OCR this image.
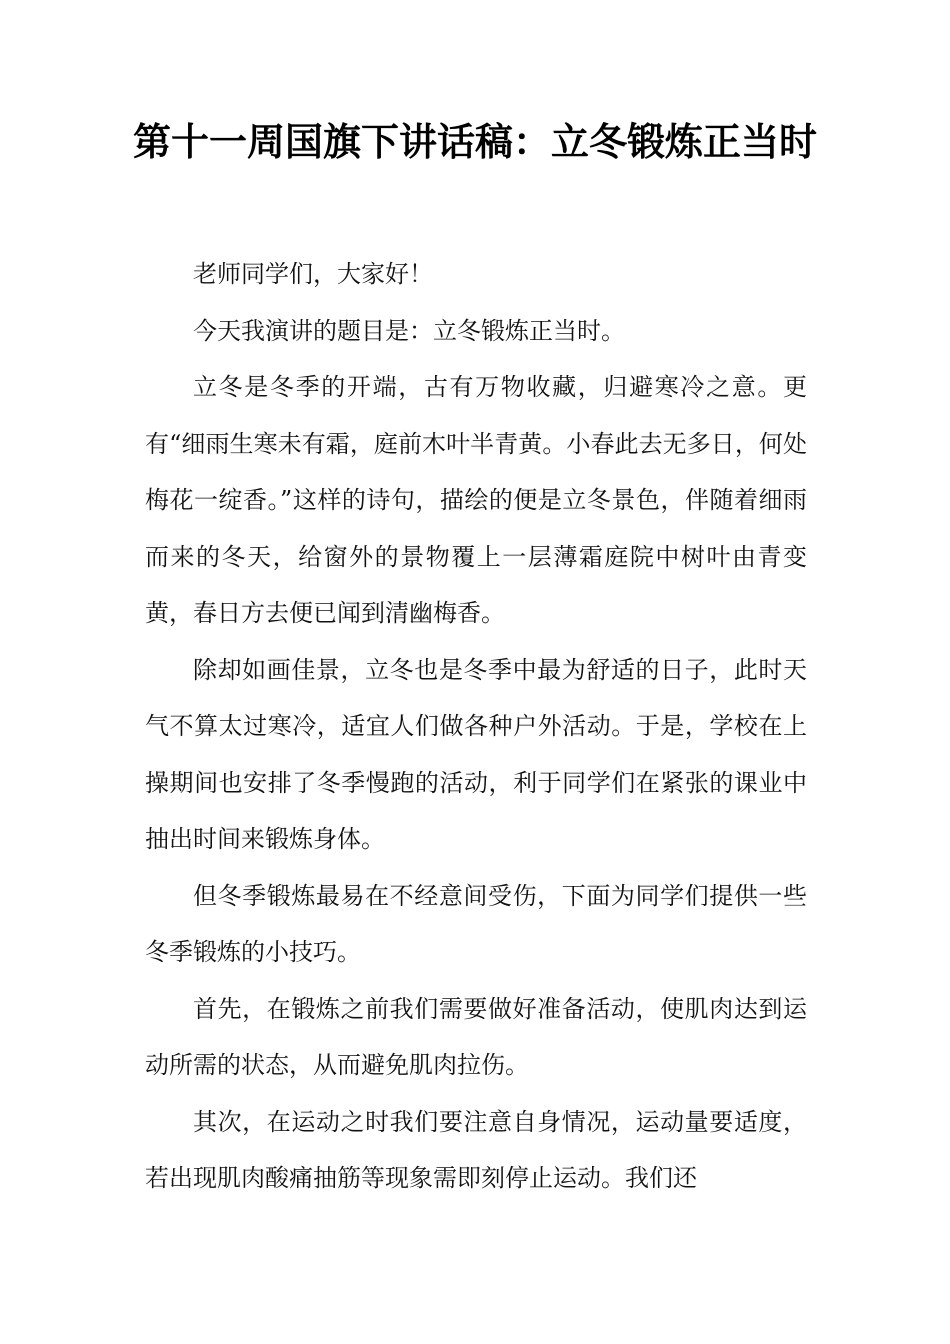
第十一周国旗下讲话稿：立冬锻炼正当时

老师同学们，大家好！

今天我演讲的题目是：立冬锻炼正当时。

立冬是冬季的开端，古有万物收藏，归避寒冷之意。更有“细雨生寒未有霜，庭前木叶半青黄。小春此去无多日，何处梅花一绽香。”这样的诗句，描绘的便是立冬景色，伴随着细雨而来的冬天，给窗外的景物覆上一层薄霜庭院中树叶由青变黄，春日方去便已闻到清幽梅香。

除却如画佳景，立冬也是冬季中最为舒适的日子，此时天气不算太过寒冷，适宜人们做各种户外活动。于是，学校在上操期间也安排了冬季慢跑的活动，利于同学们在紧张的课业中抽出时间来锻炼身体。

但冬季锻炼最易在不经意间受伤，下面为同学们提供一些冬季锻炼的小技巧。

首先，在锻炼之前我们需要做好准备活动，使肌肉达到运动所需的状态，从而避免肌肉拉伤。

其次，在运动之时我们要注意自身情况，运动量要适度，若出现肌肉酸痛抽筋等现象需即刻停止运动。我们还
